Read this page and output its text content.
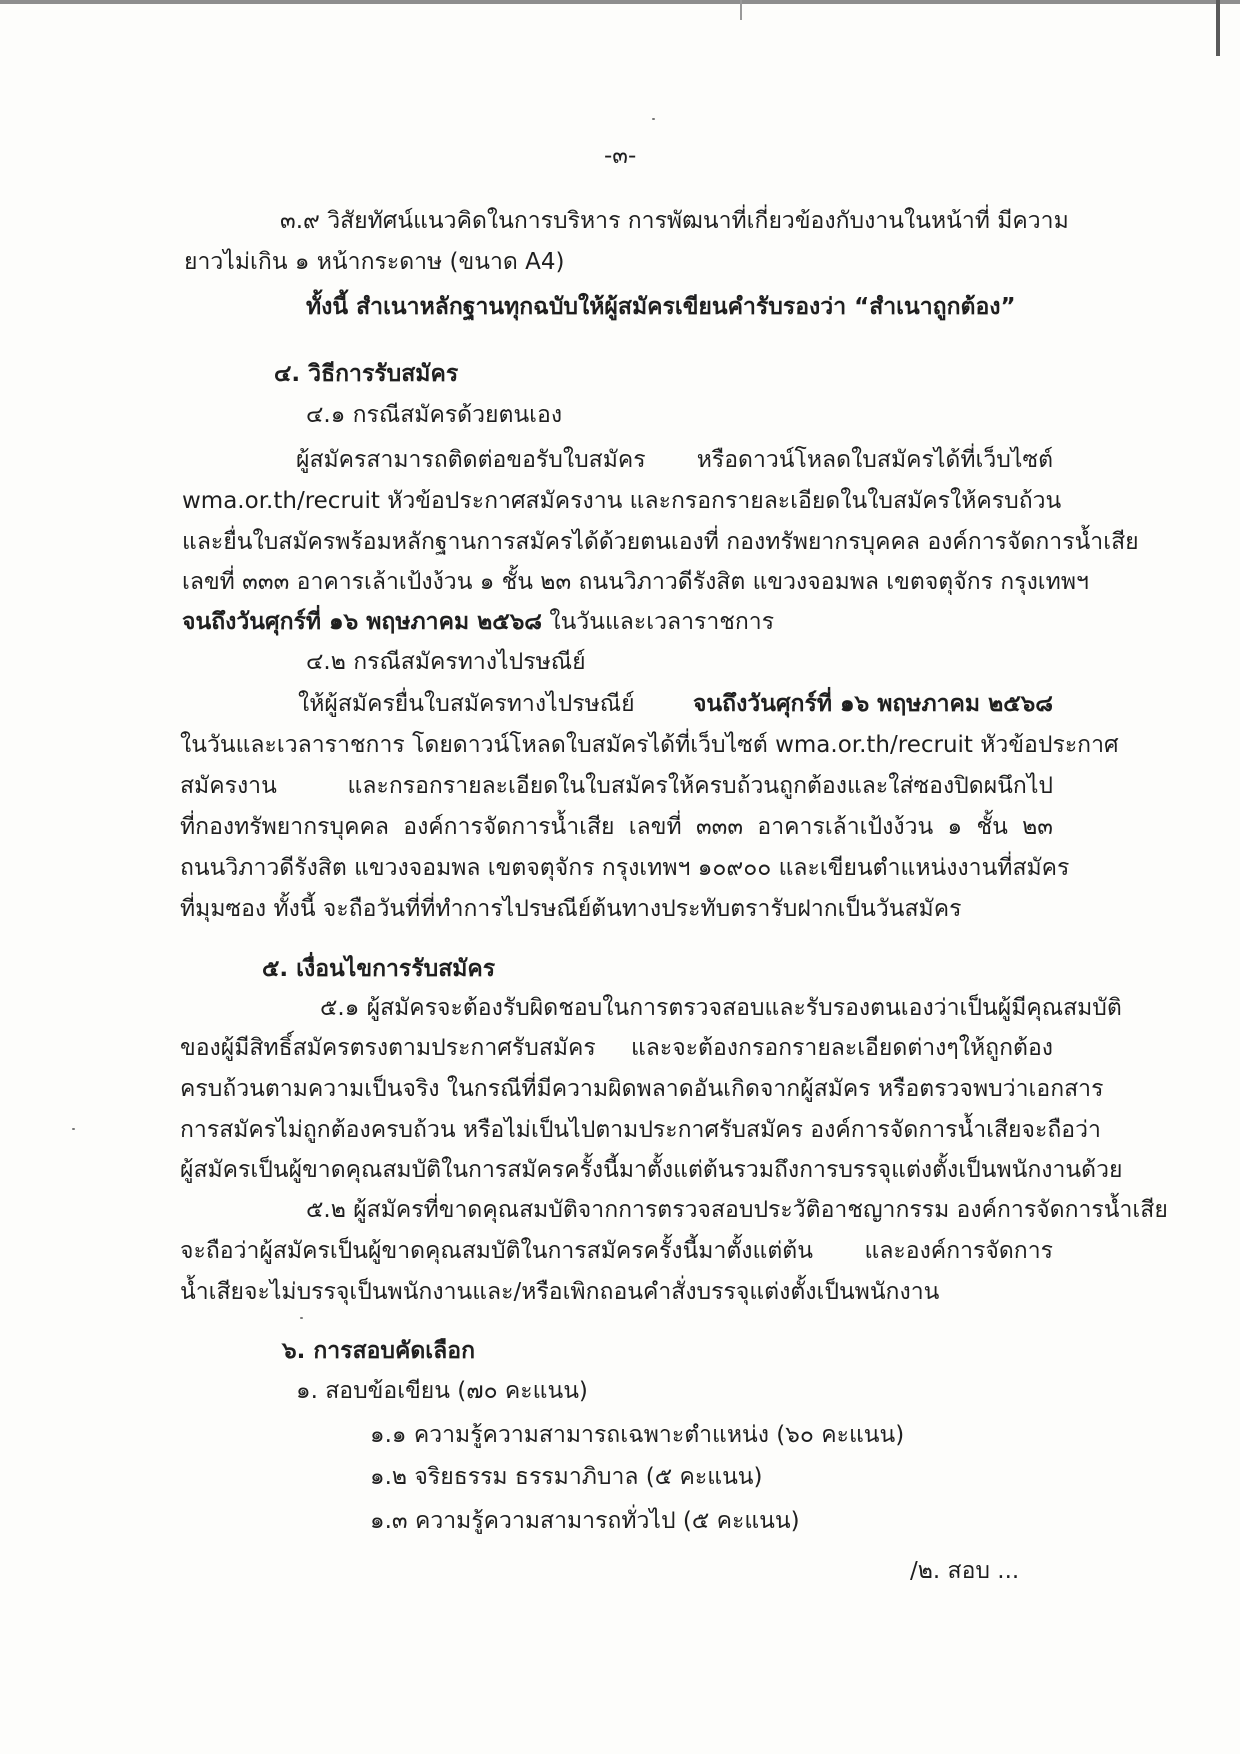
-๓-
๓.๙ วิสัยทัศน์แนวคิดในการบริหาร การพัฒนาที่เกี่ยวข้องกับงานในหน้าที่ มีความ
ยาวไม่เกิน ๑ หน้ากระดาษ (ขนาด A4)
ทั้งนี้ สำเนาหลักฐานทุกฉบับให้ผู้สมัครเขียนคำรับรองว่า “สำเนาถูกต้อง”
๔. วิธีการรับสมัคร
๔.๑ กรณีสมัครด้วยตนเอง
ผู้สมัครสามารถติดต่อขอรับใบสมัคร หรือดาวน์โหลดใบสมัครได้ที่เว็บไซต์
wma.or.th/recruit หัวข้อประกาศสมัครงาน และกรอกรายละเอียดในใบสมัครให้ครบถ้วน
และยื่นใบสมัครพร้อมหลักฐานการสมัครได้ด้วยตนเองที่ กองทรัพยากรบุคคล องค์การจัดการน้ำเสีย
เลขที่ ๓๓๓ อาคารเล้าเป้งง้วน ๑ ชั้น ๒๓ ถนนวิภาวดีรังสิต แขวงจอมพล เขตจตุจักร กรุงเทพฯ
จนถึงวันศุกร์ที่ ๑๖ พฤษภาคม ๒๕๖๘ ในวันและเวลาราชการ
๔.๒ กรณีสมัครทางไปรษณีย์
ให้ผู้สมัครยื่นใบสมัครทางไปรษณีย์	จนถึงวันศุกร์ที่ ๑๖ พฤษภาคม ๒๕๖๘
ในวันและเวลาราชการ โดยดาวน์โหลดใบสมัครได้ที่เว็บไซต์ wma.or.th/recruit หัวข้อประกาศ
สมัครงาน และกรอกรายละเอียดในใบสมัครให้ครบถ้วนถูกต้องและใส่ซองปิดผนึกไป
ที่กองทรัพยากรบุคคล องค์การจัดการน้ำเสีย เลขที่ ๓๓๓ อาคารเล้าเป้งง้วน ๑ ชั้น ๒๓
ถนนวิภาวดีรังสิต แขวงจอมพล เขตจตุจักร กรุงเทพฯ ๑๐๙๐๐ และเขียนตำแหน่งงานที่สมัคร
ที่มุมซอง ทั้งนี้ จะถือวันที่ที่ทำการไปรษณีย์ต้นทางประทับตรารับฝากเป็นวันสมัคร
๕. เงื่อนไขการรับสมัคร
๕.๑ ผู้สมัครจะต้องรับผิดชอบในการตรวจสอบและรับรองตนเองว่าเป็นผู้มีคุณสมบัติ
ของผู้มีสิทธิ์สมัครตรงตามประกาศรับสมัคร และจะต้องกรอกรายละเอียดต่างๆให้ถูกต้อง
ครบถ้วนตามความเป็นจริง ในกรณีที่มีความผิดพลาดอันเกิดจากผู้สมัคร หรือตรวจพบว่าเอกสาร
การสมัครไม่ถูกต้องครบถ้วน หรือไม่เป็นไปตามประกาศรับสมัคร องค์การจัดการน้ำเสียจะถือว่า
ผู้สมัครเป็นผู้ขาดคุณสมบัติในการสมัครครั้งนี้มาตั้งแต่ต้นรวมถึงการบรรจุแต่งตั้งเป็นพนักงานด้วย
๕.๒ ผู้สมัครที่ขาดคุณสมบัติจากการตรวจสอบประวัติอาชญากรรม องค์การจัดการน้ำเสีย
จะถือว่าผู้สมัครเป็นผู้ขาดคุณสมบัติในการสมัครครั้งนี้มาตั้งแต่ต้น และองค์การจัดการ
น้ำเสียจะไม่บรรจุเป็นพนักงานและ/หรือเพิกถอนคำสั่งบรรจุแต่งตั้งเป็นพนักงาน
๖. การสอบคัดเลือก
๑. สอบข้อเขียน (๗๐ คะแนน)
๑.๑ ความรู้ความสามารถเฉพาะตำแหน่ง (๖๐ คะแนน)
๑.๒ จริยธรรม ธรรมาภิบาล (๕ คะแนน)
๑.๓ ความรู้ความสามารถทั่วไป (๕ คะแนน)
/๒. สอบ ...
